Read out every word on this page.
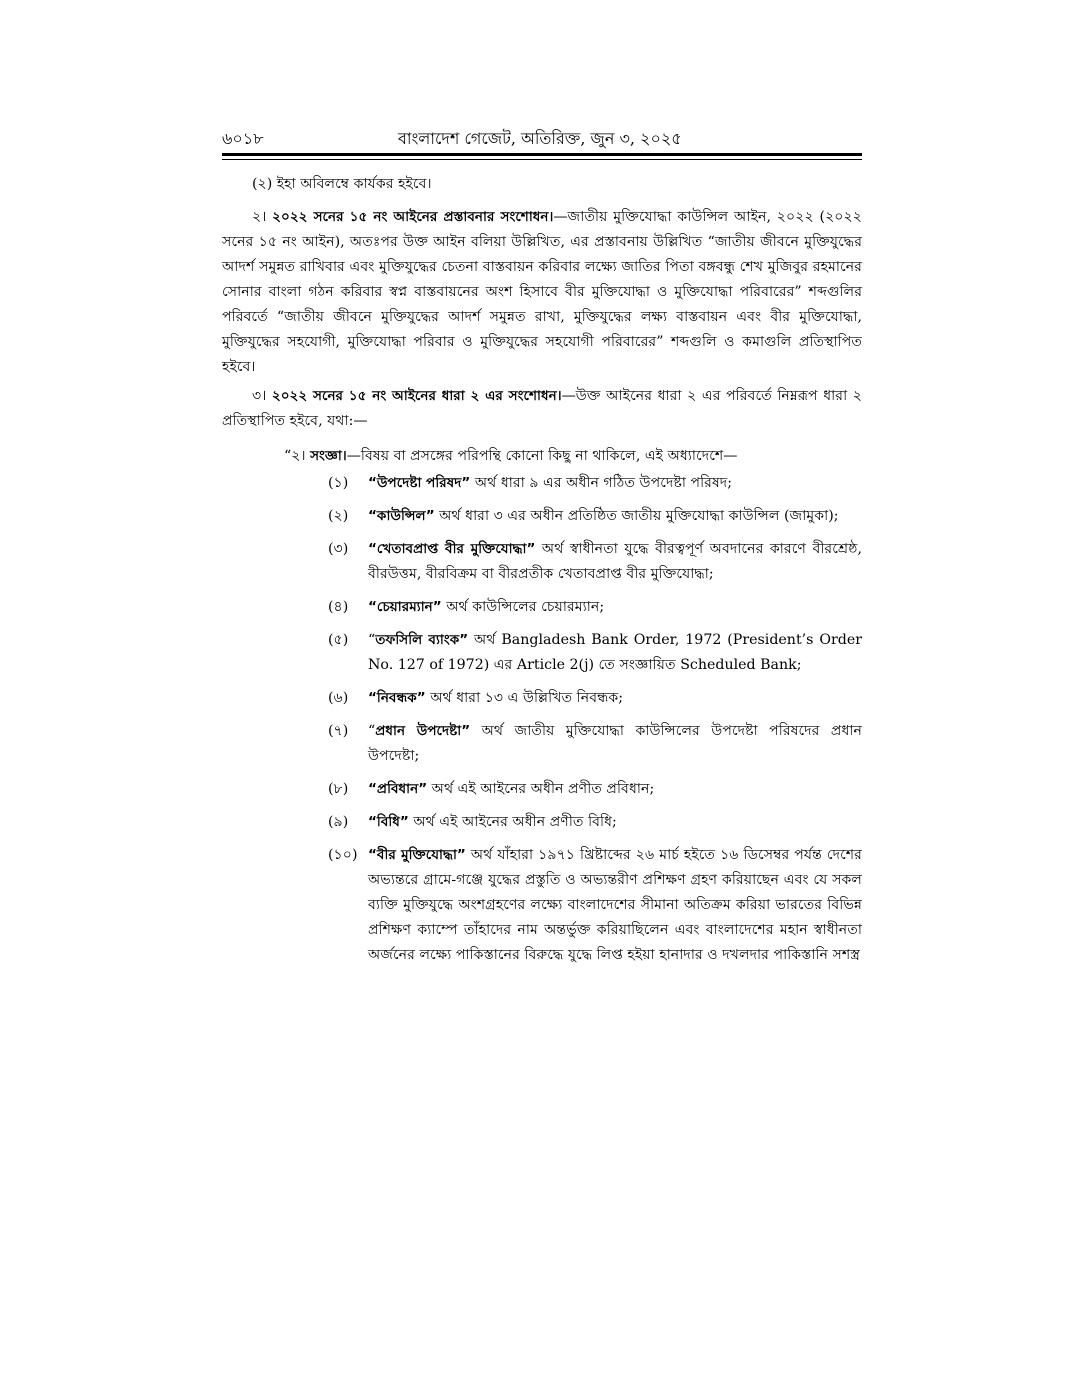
৬০১৮	বাংলাদেশ গেজেট, অতিরিক্ত, জুন ৩, ২০২৫

(২) ইহা অবিলম্বে কার্যকর হইবে।

২। ২০২২ সনের ১৫ নং আইনের প্রস্তাবনার সংশোধন।—জাতীয় মুক্তিযোদ্ধা কাউন্সিল আইন, ২০২২ (২০২২ সনের ১৫ নং আইন), অতঃপর উক্ত আইন বলিয়া উল্লিখিত, এর প্রস্তাবনায় উল্লিখিত “জাতীয় জীবনে মুক্তিযুদ্ধের আদর্শ সমুন্নত রাখিবার এবং মুক্তিযুদ্ধের চেতনা বাস্তবায়ন করিবার লক্ষ্যে জাতির পিতা বঙ্গবন্ধু শেখ মুজিবুর রহমানের সোনার বাংলা গঠন করিবার স্বপ্ন বাস্তবায়নের অংশ হিসাবে বীর মুক্তিযোদ্ধা ও মুক্তিযোদ্ধা পরিবারের” শব্দগুলির পরিবর্তে “জাতীয় জীবনে মুক্তিযুদ্ধের আদর্শ সমুন্নত রাখা, মুক্তিযুদ্ধের লক্ষ্য বাস্তবায়ন এবং বীর মুক্তিযোদ্ধা, মুক্তিযুদ্ধের সহযোগী, মুক্তিযোদ্ধা পরিবার ও মুক্তিযুদ্ধের সহযোগী পরিবারের” শব্দগুলি ও কমাগুলি প্রতিস্থাপিত হইবে।

৩। ২০২২ সনের ১৫ নং আইনের ধারা ২ এর সংশোধন।—উক্ত আইনের ধারা ২ এর পরিবর্তে নিম্নরূপ ধারা ২ প্রতিস্থাপিত হইবে, যথা:—

“২। সংজ্ঞা।—বিষয় বা প্রসঙ্গের পরিপন্থি কোনো কিছু না থাকিলে, এই অধ্যাদেশে—

(১)	“উপদেষ্টা পরিষদ” অর্থ ধারা ৯ এর অধীন গঠিত উপদেষ্টা পরিষদ;
(২)	“কাউন্সিল” অর্থ ধারা ৩ এর অধীন প্রতিষ্ঠিত জাতীয় মুক্তিযোদ্ধা কাউন্সিল (জামুকা);
(৩)	“খেতাবপ্রাপ্ত বীর মুক্তিযোদ্ধা” অর্থ স্বাধীনতা যুদ্ধে বীরত্বপূর্ণ অবদানের কারণে বীরশ্রেষ্ঠ, বীরউত্তম, বীরবিক্রম বা বীরপ্রতীক খেতাবপ্রাপ্ত বীর মুক্তিযোদ্ধা;
(৪)	“চেয়ারম্যান” অর্থ কাউন্সিলের চেয়ারম্যান;
(৫)	“তফসিলি ব্যাংক” অর্থ Bangladesh Bank Order, 1972 (President’s Order No. 127 of 1972) এর Article 2(j) তে সংজ্ঞায়িত Scheduled Bank;
(৬)	“নিবন্ধক” অর্থ ধারা ১৩ এ উল্লিখিত নিবন্ধক;
(৭)	“প্রধান উপদেষ্টা” অর্থ জাতীয় মুক্তিযোদ্ধা কাউন্সিলের উপদেষ্টা পরিষদের প্রধান উপদেষ্টা;
(৮)	“প্রবিধান” অর্থ এই আইনের অধীন প্রণীত প্রবিধান;
(৯)	“বিধি” অর্থ এই আইনের অধীন প্রণীত বিধি;
(১০) “বীর মুক্তিযোদ্ধা” অর্থ যাঁহারা ১৯৭১ খ্রিষ্টাব্দের ২৬ মার্চ হইতে ১৬ ডিসেম্বর পর্যন্ত দেশের অভ্যন্তরে গ্রামে-গঞ্জে যুদ্ধের প্রস্তুতি ও অভ্যন্তরীণ প্রশিক্ষণ গ্রহণ করিয়াছেন এবং যে সকল ব্যক্তি মুক্তিযুদ্ধে অংশগ্রহণের লক্ষ্যে বাংলাদেশের সীমানা অতিক্রম করিয়া ভারতের বিভিন্ন প্রশিক্ষণ ক্যাম্পে তাঁহাদের নাম অন্তর্ভুক্ত করিয়াছিলেন এবং বাংলাদেশের মহান স্বাধীনতা অর্জনের লক্ষ্যে পাকিস্তানের বিরুদ্ধে যুদ্ধে লিপ্ত হইয়া হানাদার ও দখলদার পাকিস্তানি সশস্ত্র
